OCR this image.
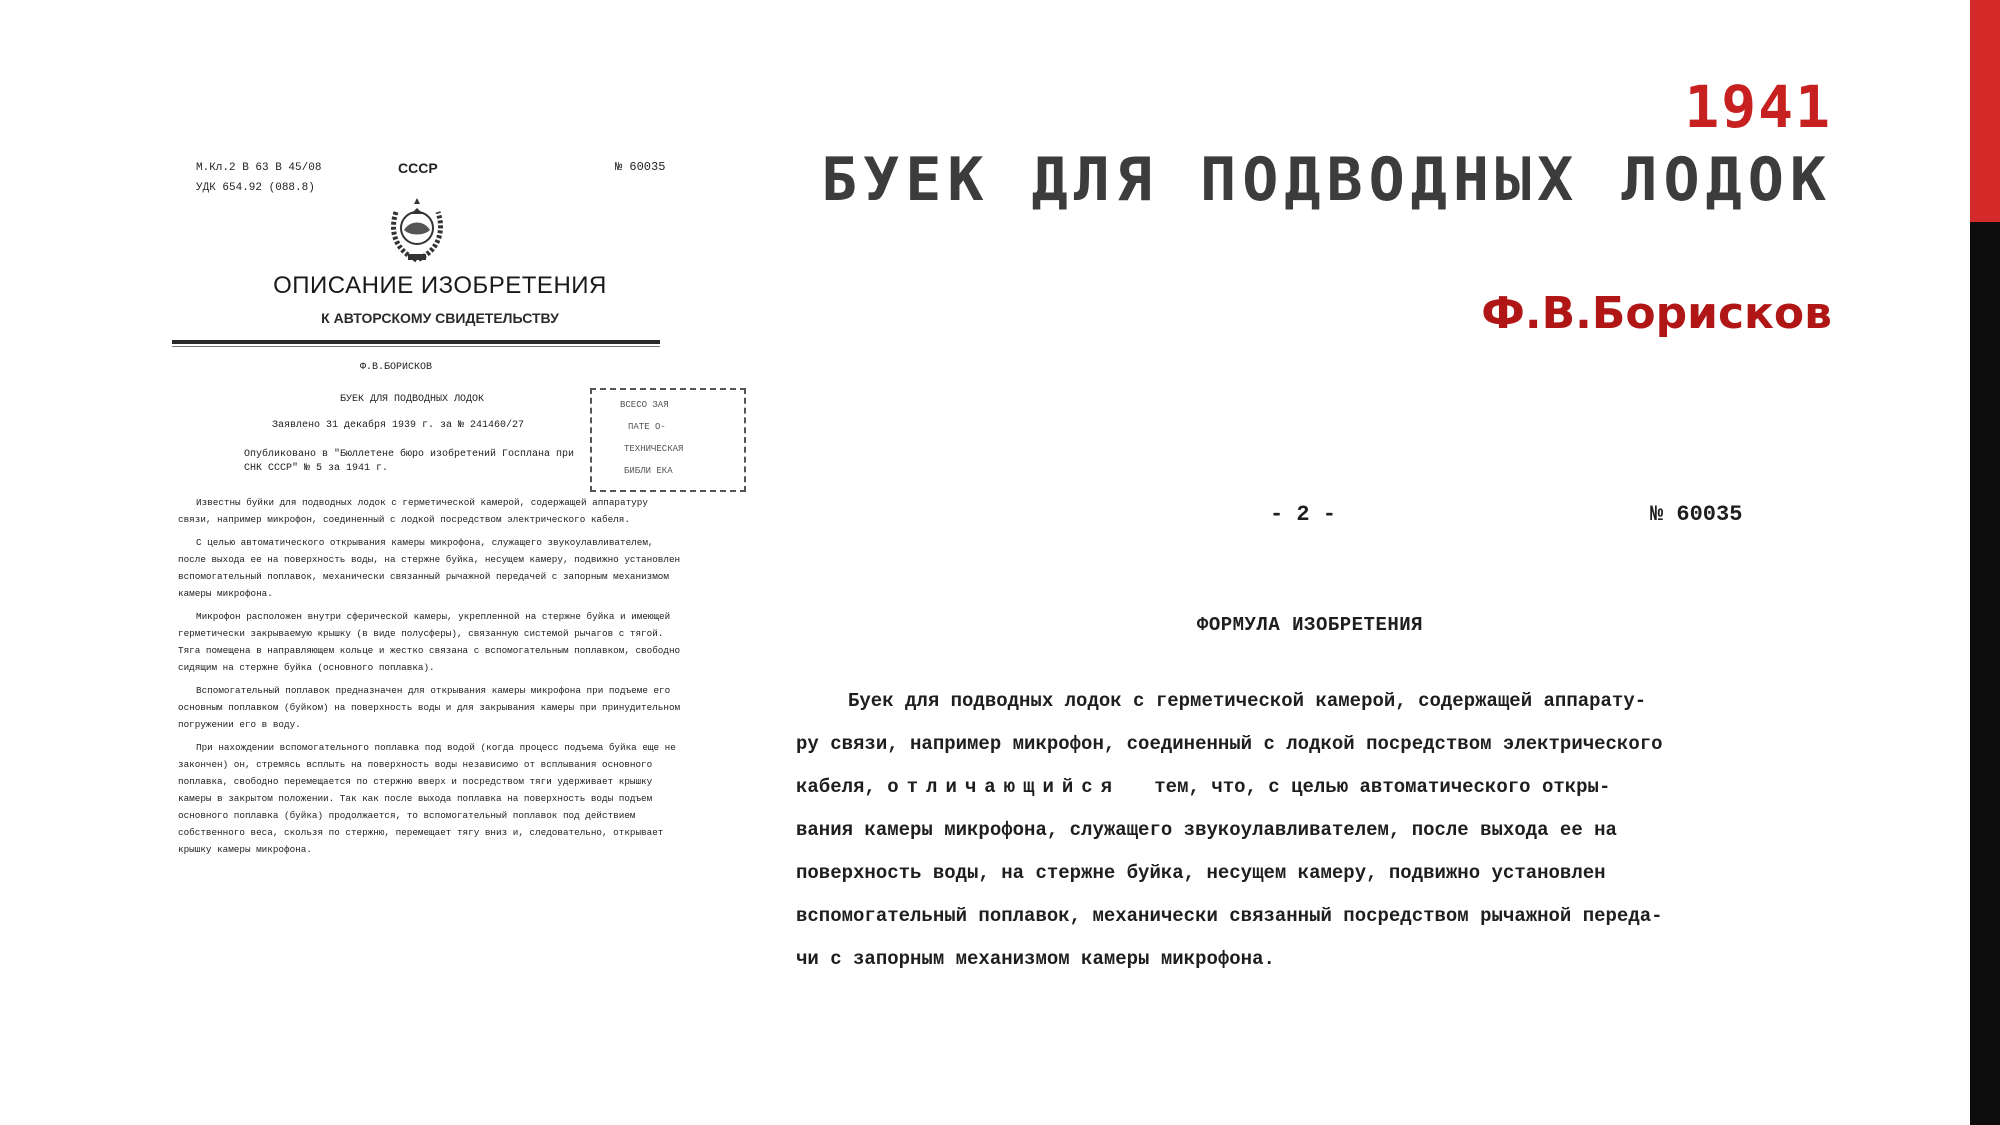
1941
БУЕК ДЛЯ ПОДВОДНЫХ ЛОДОК
Ф.В.Борисков
М.Кл.2 В 63 В 45/08
УДК 654.92 (088.8)
СССР	№ 60035
ОПИСАНИЕ ИЗОБРЕТЕНИЯ
К АВТОРСКОМУ СВИДЕТЕЛЬСТВУ
Ф.В.БОРИСКОВ
БУЕК ДЛЯ ПОДВОДНЫХ ЛОДОК
Заявлено 31 декабря 1939 г. за № 241460/27
Опубликовано в "Бюллетене бюро изобретений Госплана при СНК СССР" № 5 за 1941 г.
ВСЕСО ЗАЯ
ПАТЕ О-
ТЕХНИЧЕСКАЯ
БИБЛИ ЕКА

Известны буйки для подводных лодок с герметической камерой, содержащей аппаратуру связи, например микрофон, соединенный с лодкой посредством электрического кабеля.

С целью автоматического открывания камеры микрофона, служащего звукоулавливателем, после выхода ее на поверхность воды, на стержне буйка, несущем камеру, подвижно установлен вспомогательный поплавок, механически связанный рычажной передачей с запорным механизмом камеры микрофона.

Микрофон расположен внутри сферической камеры, укрепленной на стержне буйка и имеющей герметически закрываемую крышку (в виде полусферы), связанную системой рычагов с тягой. Тяга помещена в направляющем кольце и жестко связана с вспомогательным поплавком, свободно сидящим на стержне буйка (основного поплавка).

Вспомогательный поплавок предназначен для открывания камеры микрофона при подъеме его основным поплавком (буйком) на поверхность воды и для закрывания камеры при принудительном погружении его в воду.

При нахождении вспомогательного поплавка под водой (когда процесс подъема буйка еще не закончен) он, стремясь всплыть на поверхность воды независимо от всплывания основного поплавка, свободно перемещается по стержню вверх и посредством тяги удерживает крышку камеры в закрытом положении. Так как после выхода поплавка на поверхность воды подъем основного поплавка (буйка) продолжается, то вспомогательный поплавок под действием собственного веса, скользя по стержню, перемещает тягу вниз и, следовательно, открывает крышку камеры микрофона.

- 2 -	№ 60035
ФОРМУЛА ИЗОБРЕТЕНИЯ
Буек для подводных лодок с герметической камерой, содержащей аппарату-
ру связи, например микрофон, соединенный с лодкой посредством электрического
кабеля, отличающийся тем, что, с целью автоматического откры-
вания камеры микрофона, служащего звукоулавливателем, после выхода ее на
поверхность воды, на стержне буйка, несущем камеру, подвижно установлен
вспомогательный поплавок, механически связанный посредством рычажной переда-
чи с запорным механизмом камеры микрофона.
